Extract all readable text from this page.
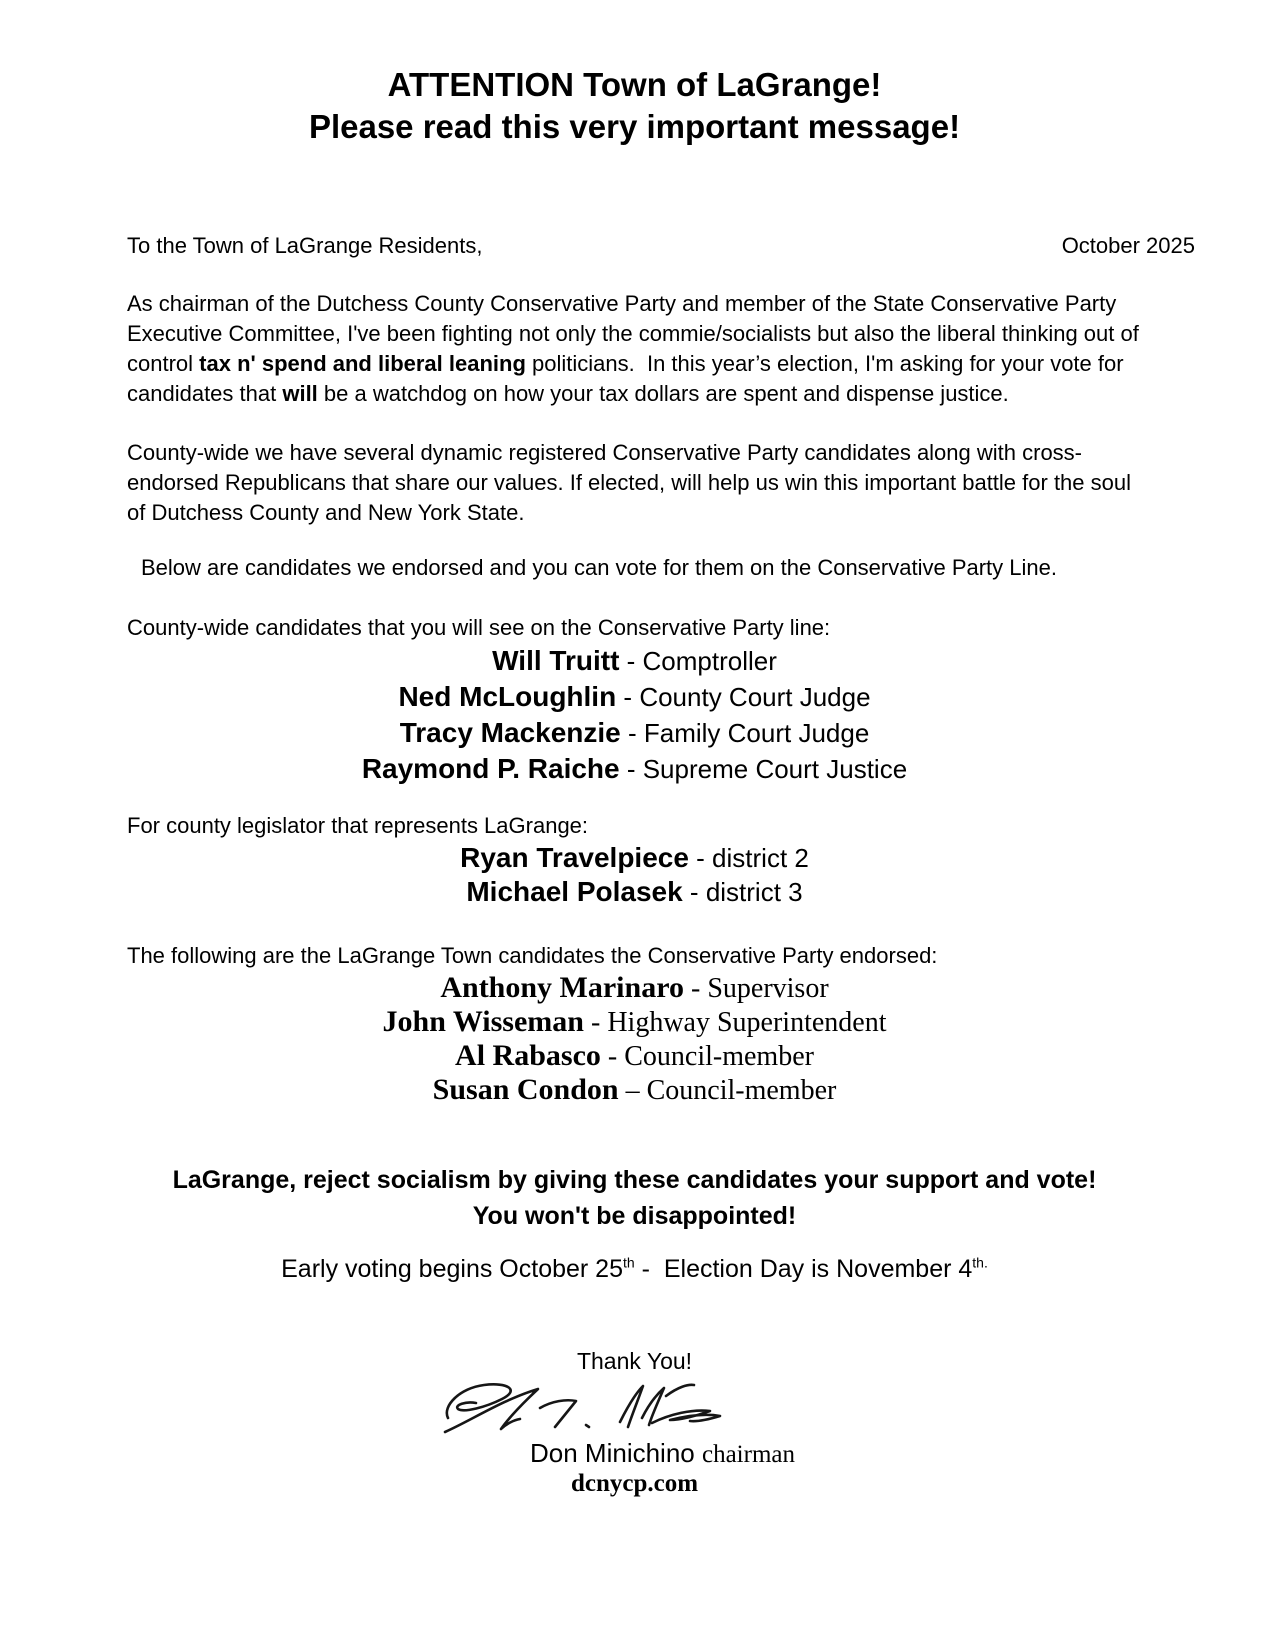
ATTENTION Town of LaGrange!
Please read this very important message!
To the Town of LaGrange Residents,	October 2025
As chairman of the Dutchess County Conservative Party and member of the State Conservative Party Executive Committee, I've been fighting not only the commie/socialists but also the liberal thinking out of control tax n' spend and liberal leaning politicians.  In this year’s election, I'm asking for your vote for candidates that will be a watchdog on how your tax dollars are spent and dispense justice.
County-wide we have several dynamic registered Conservative Party candidates along with cross-endorsed Republicans that share our values. If elected, will help us win this important battle for the soul of Dutchess County and New York State.
Below are candidates we endorsed and you can vote for them on the Conservative Party Line.
County-wide candidates that you will see on the Conservative Party line:
Will Truitt - Comptroller
Ned McLoughlin - County Court Judge
Tracy Mackenzie - Family Court Judge
Raymond P. Raiche - Supreme Court Justice
For county legislator that represents LaGrange:
Ryan Travelpiece - district 2
Michael Polasek - district 3
The following are the LaGrange Town candidates the Conservative Party endorsed:
Anthony Marinaro - Supervisor
John Wisseman - Highway Superintendent
Al Rabasco - Council-member
Susan Condon – Council-member
LaGrange, reject socialism by giving these candidates your support and vote!
You won't be disappointed!
Early voting begins October 25th -  Election Day is November $4^{th.}$
Thank You!
Don Minichino chairman
dcnycp.com
